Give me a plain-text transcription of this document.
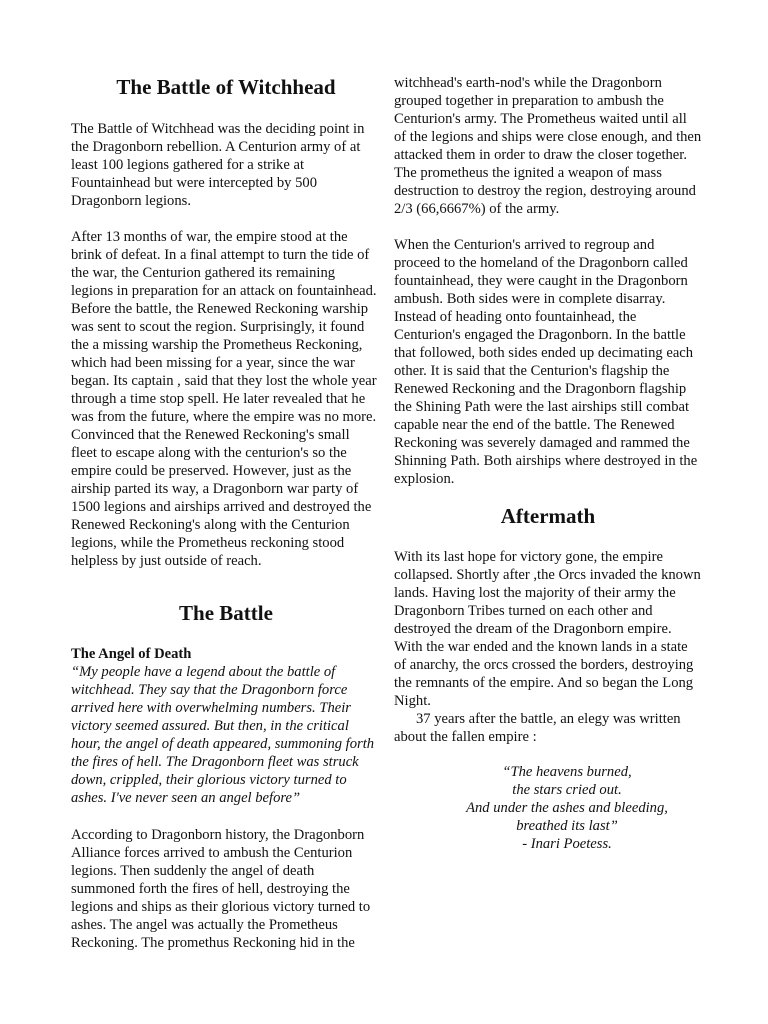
The Battle of Witchhead

The Battle of Witchhead was the deciding point in the Dragonborn rebellion. A Centurion army of at least 100 legions gathered for a strike at Fountainhead but were intercepted by 500 Dragonborn legions.

After 13 months of war, the empire stood at the brink of defeat. In a final attempt to turn the tide of the war, the Centurion gathered its remaining legions in preparation for an attack on fountainhead. Before the battle, the Renewed Reckoning warship was sent to scout the region. Surprisingly, it found the a missing warship the Prometheus Reckoning, which had been missing for a year, since the war began. Its captain , said that they lost the whole year through a time stop spell. He later revealed that he was from the future, where the empire was no more. Convinced that the Renewed Reckoning's small fleet to escape along with the centurion's so the empire could be preserved. However, just as the airship parted its way, a Dragonborn war party of 1500 legions and airships arrived and destroyed the Renewed Reckoning's along with the Centurion legions, while the Prometheus reckoning stood helpless by just outside of reach.

The Battle

The Angel of Death

“My people have a legend about the battle of witchhead. They say that the Dragonborn force arrived here with overwhelming numbers. Their victory seemed assured. But then, in the critical hour, the angel of death appeared, summoning forth the fires of hell. The Dragonborn fleet was struck down, crippled, their glorious victory turned to ashes. I've never seen an angel before”

According to Dragonborn history, the Dragonborn Alliance forces arrived to ambush the Centurion legions. Then suddenly the angel of death summoned forth the fires of hell, destroying the legions and ships as their glorious victory turned to ashes. The angel was actually the Prometheus Reckoning. The promethus Reckoning hid in the

witchhead's earth-nod's while the Dragonborn grouped together in preparation to ambush the Centurion's army. The Prometheus waited until all of the legions and ships were close enough, and then attacked them in order to draw the closer together. The prometheus the ignited a weapon of mass destruction to destroy the region, destroying around 2/3 (66,6667%) of the army.

When the Centurion's arrived to regroup and proceed to the homeland of the Dragonborn called fountainhead, they were caught in the Dragonborn ambush. Both sides were in complete disarray. Instead of heading onto fountainhead, the Centurion's engaged the Dragonborn. In the battle that followed, both sides ended up decimating each other. It is said that the Centurion's flagship the Renewed Reckoning and the Dragonborn flagship the Shining Path were the last airships still combat capable near the end of the battle. The Renewed Reckoning was severely damaged and rammed the Shinning Path. Both airships where destroyed in the explosion.

Aftermath

With its last hope for victory gone, the empire collapsed. Shortly after ,the Orcs invaded the known lands. Having lost the majority of their army the Dragonborn Tribes turned on each other and destroyed the dream of the Dragonborn empire. With the war ended and the known lands in a state of anarchy, the orcs crossed the borders, destroying the remnants of the empire. And so began the Long Night.

37 years after the battle, an elegy was written about the fallen empire :

“The heavens burned,

the stars cried out.

And under the ashes and bleeding,

breathed its last”

- Inari Poetess.
